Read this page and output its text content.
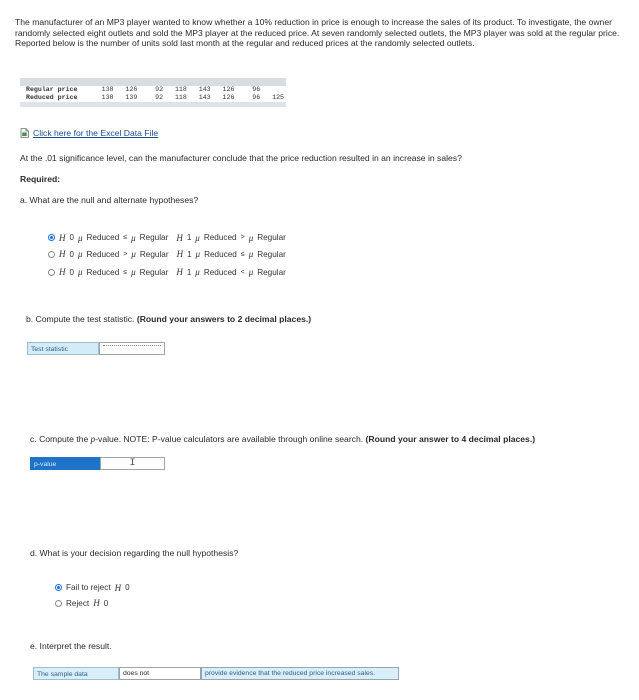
The manufacturer of an MP3 player wanted to know whether a 10% reduction in price is enough to increase the sales of its product. To investigate, the owner randomly selected eight outlets and sold the MP3 player at the reduced price. At seven randomly selected outlets, the MP3 player was sold at the regular price. Reported below is the number of units sold last month at the regular and reduced prices at the randomly selected outlets.

Regular price	138  126   92  118  143  126   96
Reduced price	138  139   92  118  143  126   96  125

Click here for the Excel Data File
At the .01 significance level, can the manufacturer conclude that the price reduction resulted in an increase in sales?
Required:
a. What are the null and alternate hypotheses?
H 0 μ Reduced ≤ μ Regular H 1 μ Reduced > μ Regular
H 0 μ Reduced > μ Regular H 1 μ Reduced ≤ μ Regular
H 0 μ Reduced ≤ μ Regular H 1 μ Reduced < μ Regular
b. Compute the test statistic. (Round your answers to 2 decimal places.)
Test statistic
c. Compute the p-value. NOTE: P-value calculators are available through online search. (Round your answer to 4 decimal places.)
p-value	I
d. What is your decision regarding the null hypothesis?
Fail to reject H 0
Reject H 0
e. Interpret the result.
The sample data	does not	provide evidence that the reduced price increased sales.
